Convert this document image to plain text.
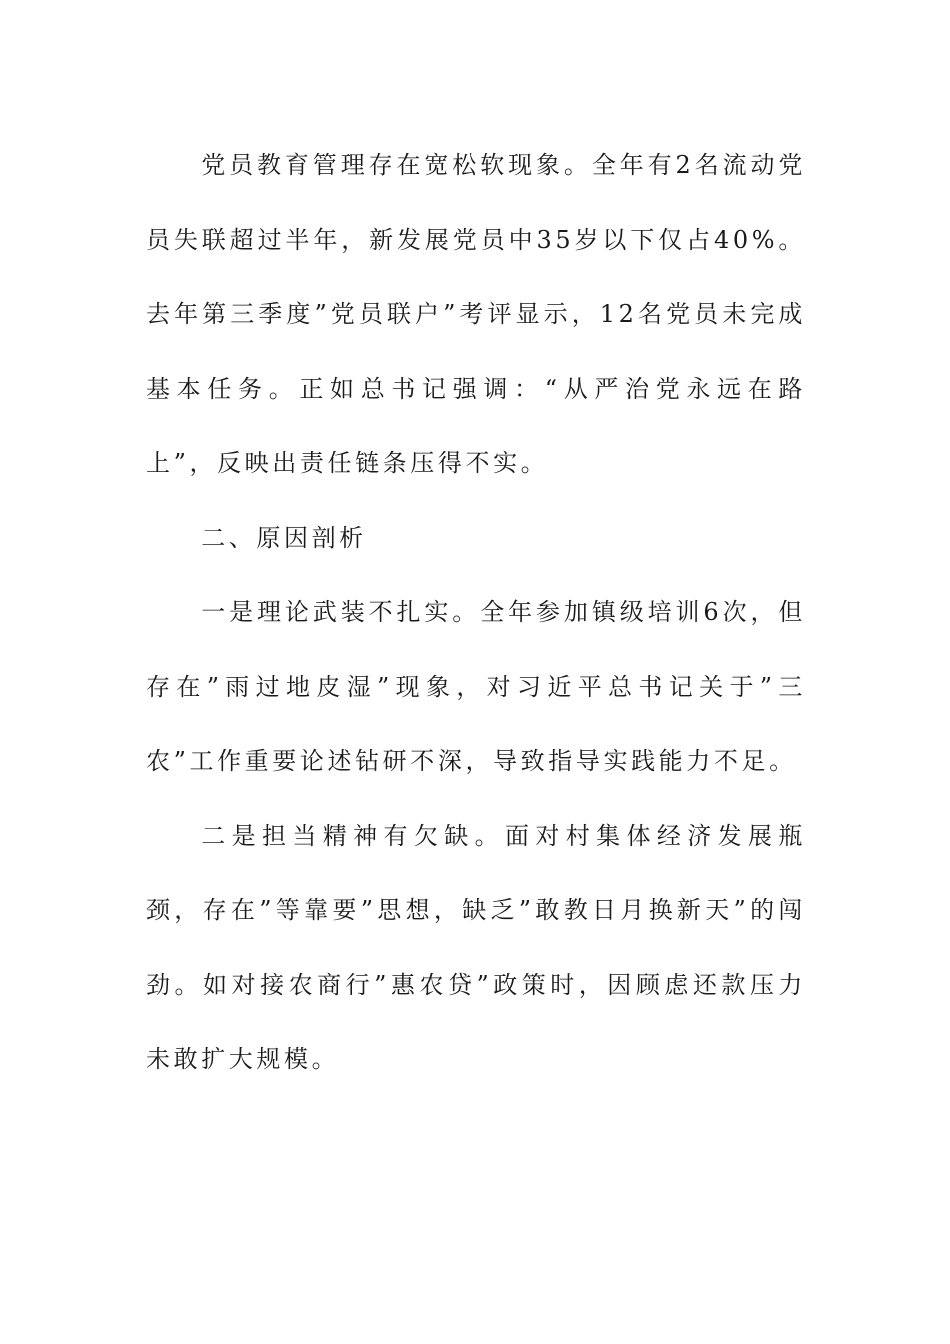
党员教育管理存在宽松软现象。全年有2名流动党员失联超过半年，新发展党员中35岁以下仅占40%。去年第三季度”党员联户”考评显示，12名党员未完成基本任务。正如总书记强调：“从严治党永远在路上”，反映出责任链条压得不实。

二、原因剖析

一是理论武装不扎实。全年参加镇级培训6次，但存在”雨过地皮湿”现象，对习近平总书记关于”三农”工作重要论述钻研不深，导致指导实践能力不足。

二是担当精神有欠缺。面对村集体经济发展瓶颈，存在”等靠要”思想，缺乏”敢教日月换新天”的闯劲。如对接农商行”惠农贷”政策时，因顾虑还款压力未敢扩大规模。
